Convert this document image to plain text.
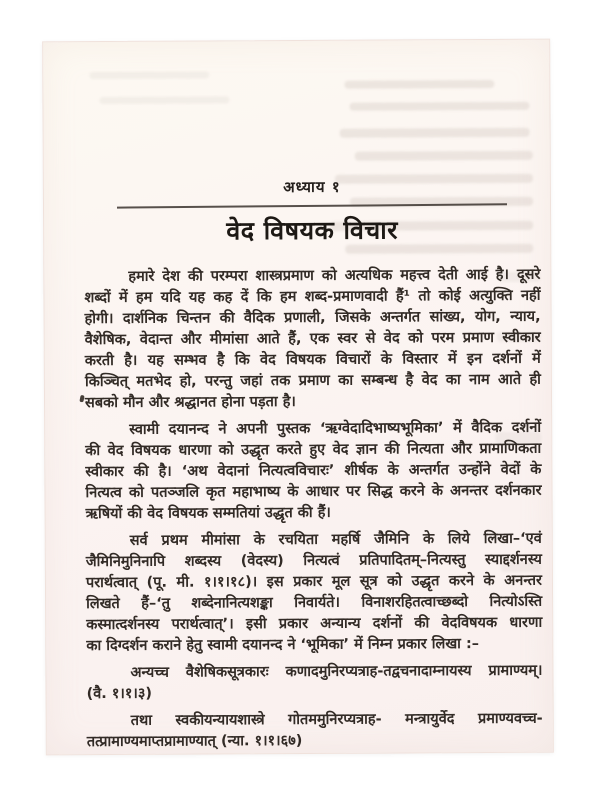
अध्याय १
वेद विषयक विचार
हमारे देश की परम्परा शास्त्रप्रमाण को अत्यधिक महत्त्व देती आई है। दूसरे
शब्दों में हम यदि यह कह दें कि हम शब्द-प्रमाणवादी हैं¹ तो कोई अत्युक्ति नहीं
होगी। दार्शनिक चिन्तन की वैदिक प्रणाली, जिसके अन्तर्गत सांख्य, योग, न्याय,
वैशेषिक, वेदान्त और मीमांसा आते हैं, एक स्वर से वेद को परम प्रमाण स्वीकार
करती है। यह सम्भव है कि वेद विषयक विचारों के विस्तार में इन दर्शनों में
किञ्चित् मतभेद हो, परन्तु जहां तक प्रमाण का सम्बन्ध है वेद का नाम आते ही
सबको मौन और श्रद्धानत होना पड़ता है।
स्वामी दयानन्द ने अपनी पुस्तक ‘ऋग्वेदादिभाष्यभूमिका’ में वैदिक दर्शनों
की वेद विषयक धारणा को उद्धृत करते हुए वेद ज्ञान की नित्यता और प्रामाणिकता
स्वीकार की है। ‘अथ वेदानां नित्यत्वविचारः’ शीर्षक के अन्तर्गत उन्होंने वेदों के
नित्यत्व को पतञ्जलि कृत महाभाष्य के आधार पर सिद्ध करने के अनन्तर दर्शनकार
ऋषियों की वेद विषयक सम्मतियां उद्धृत की हैं।
सर्व प्रथम मीमांसा के रचयिता महर्षि जैमिनि के लिये लिखा–‘एवं
जैमिनिमुनिनापि शब्दस्य (वेदस्य) नित्यत्वं प्रतिपादितम्–नित्यस्तु स्याद्दर्शनस्य
परार्थत्वात् (पू. मी. १।१।१८)। इस प्रकार मूल सूत्र को उद्धृत करने के अनन्तर
लिखते हैं–‘तु शब्देनानित्यशङ्का निवार्यते। विनाशरहितत्वाच्छब्दो नित्योऽस्ति
कस्मात्दर्शनस्य परार्थत्वात्’। इसी प्रकार अन्यान्य दर्शनों की वेदविषयक धारणा
का दिग्दर्शन कराने हेतु स्वामी दयानन्द ने ‘भूमिका’ में निम्न प्रकार लिखा :–
अन्यच्च वैशेषिकसूत्रकारः कणादमुनिरप्यत्राह-तद्वचनादाम्नायस्य प्रामाण्यम्।
(वै. १।१।३)
तथा स्वकीयन्यायशास्त्रे गोतममुनिरप्यत्राह- मन्त्रायुर्वेद प्रमाण्यवच्च-
तत्प्रामाण्यमाप्तप्रामाण्यात् (न्या. १।१।६७)
